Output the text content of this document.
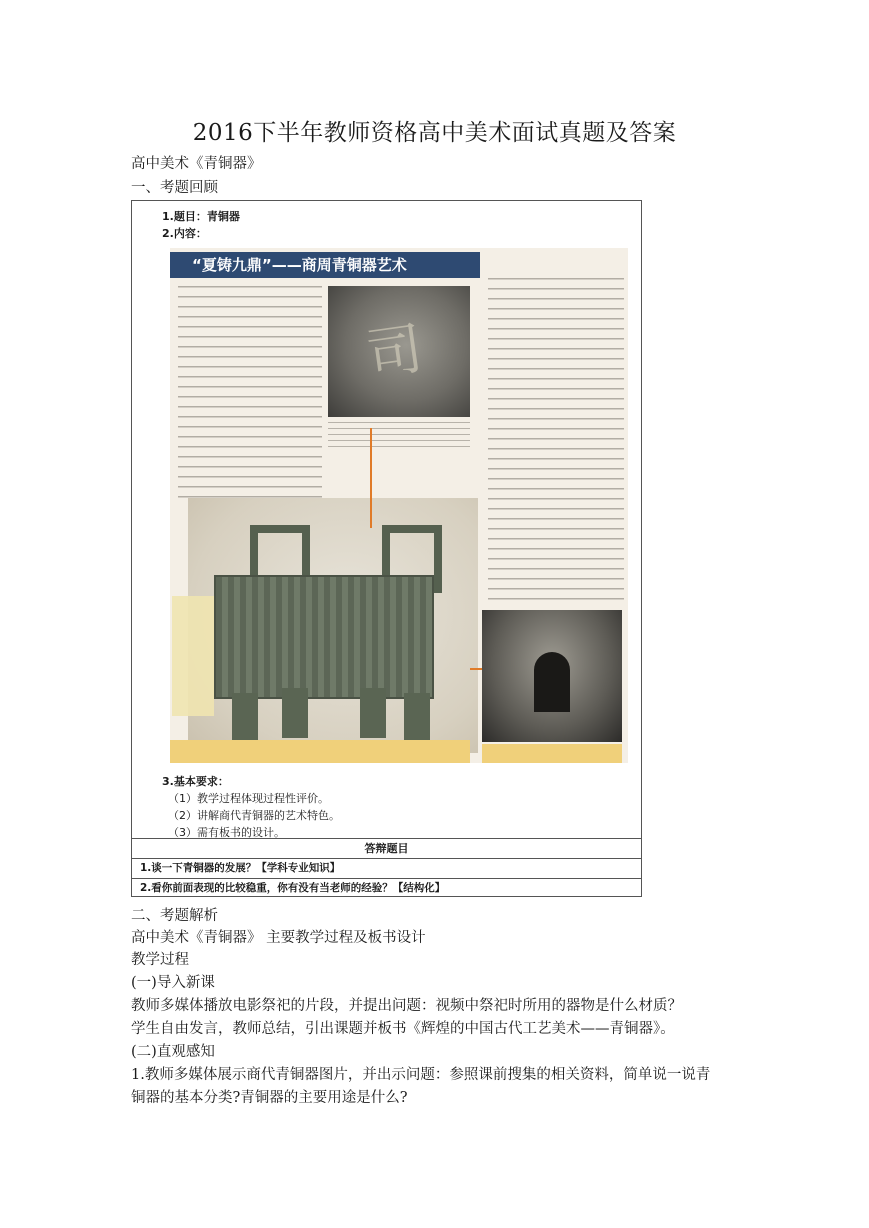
2016下半年教师资格高中美术面试真题及答案
高中美术《青铜器》
一、考题回顾
1.题目：青铜器
2.内容：
“夏铸九鼎”——商周青铜器艺术
司
3.基本要求：
（1）教学过程体现过程性评价。
（2）讲解商代青铜器的艺术特色。
（3）需有板书的设计。
答辩题目
1.谈一下青铜器的发展？【学科专业知识】
2.看你前面表现的比较稳重，你有没有当老师的经验？【结构化】
二、考题解析
高中美术《青铜器》 主要教学过程及板书设计
教学过程
(一)导入新课
教师多媒体播放电影祭祀的片段，并提出问题：视频中祭祀时所用的器物是什么材质？
学生自由发言，教师总结，引出课题并板书《辉煌的中国古代工艺美术——青铜器》。
(二)直观感知
1.教师多媒体展示商代青铜器图片，并出示问题：参照课前搜集的相关资料，简单说一说青
铜器的基本分类?青铜器的主要用途是什么?
